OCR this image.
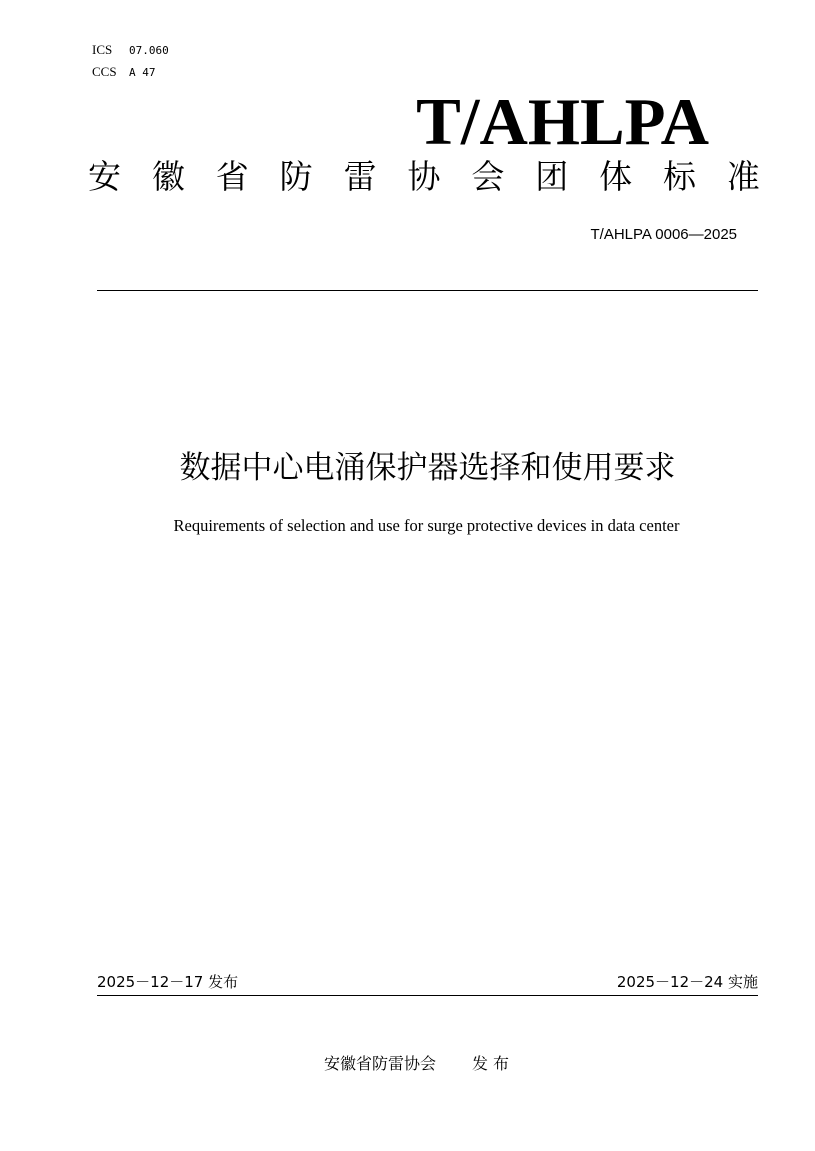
ICS	07.060
CCS	A 47
T/AHLPA
安 徽 省 防 雷 协 会 团 体 标 准
T/AHLPA 0006—2025
数据中心电涌保护器选择和使用要求
Requirements of selection and use for surge protective devices in data center
2025－12－17 发布	2025－12－24 实施
安徽省防雷协会 发 布
